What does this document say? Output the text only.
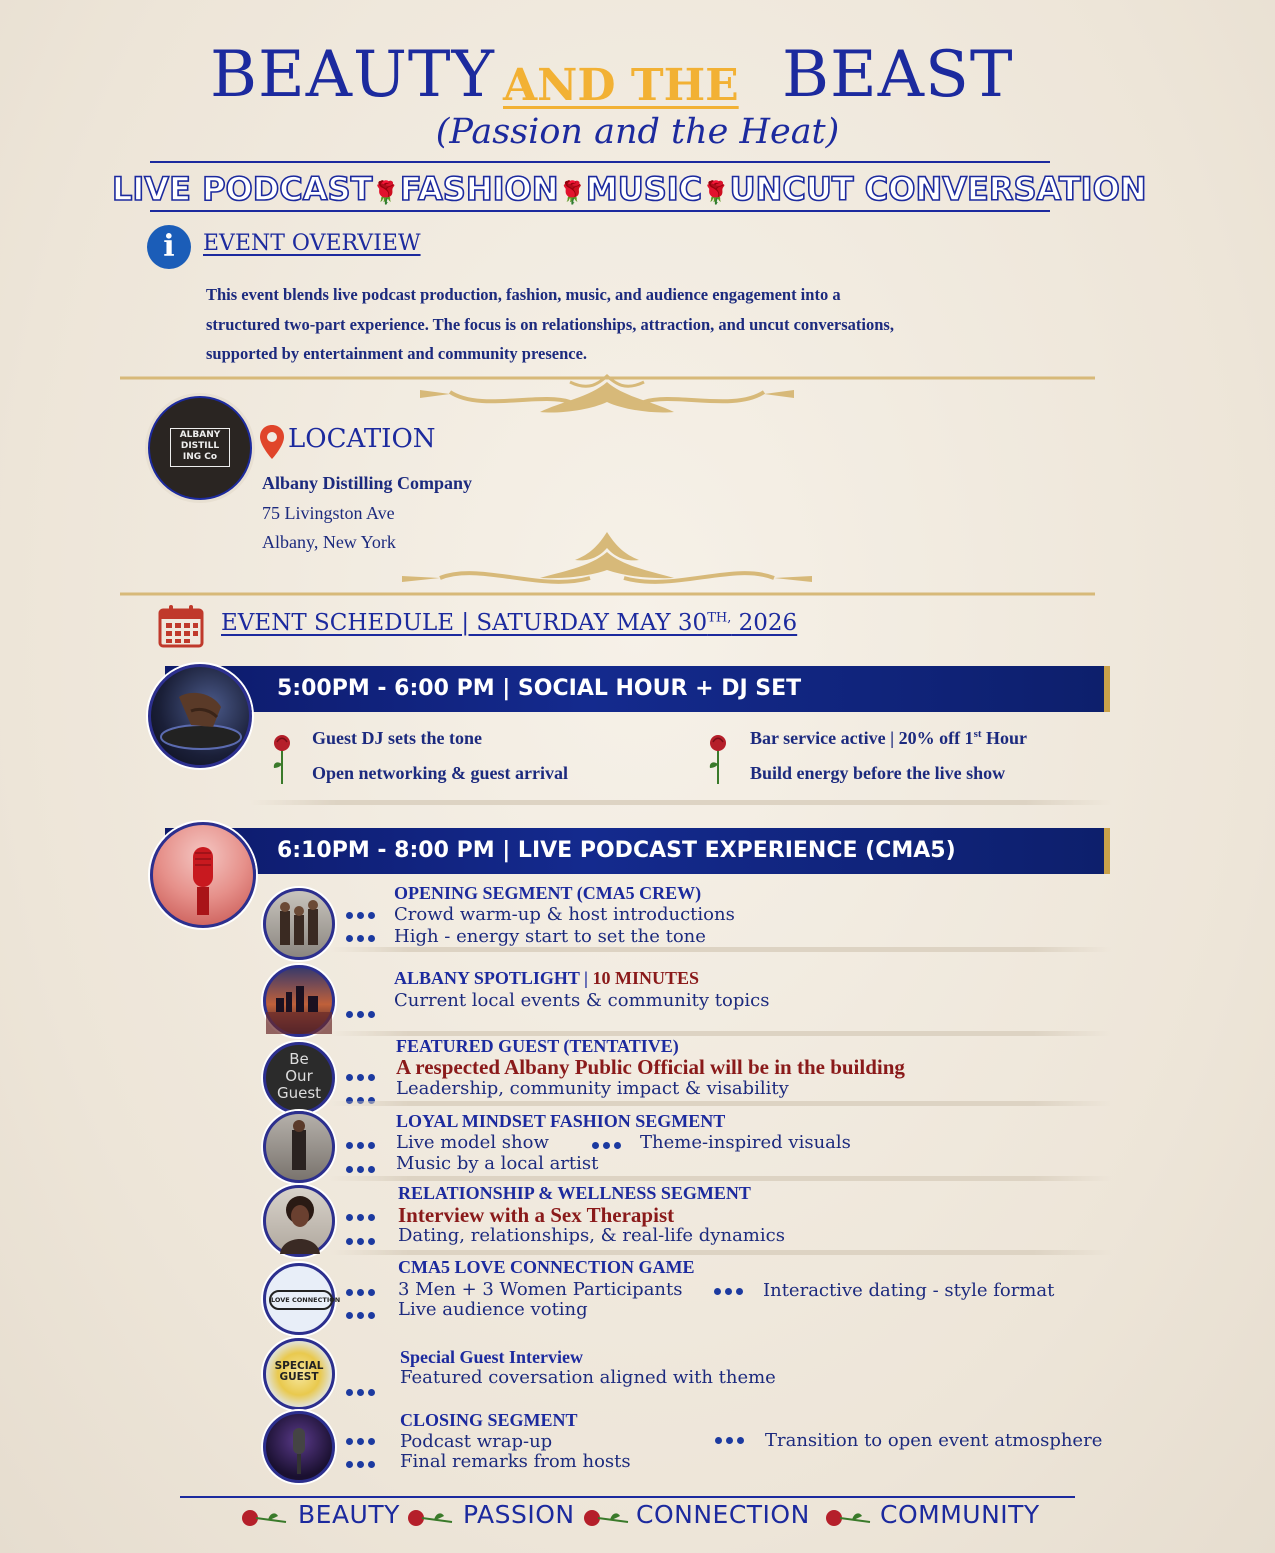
BEAUTY AND THE BEAST
(Passion and the Heat)
LIVE PODCAST🌹FASHION🌹MUSIC🌹UNCUT CONVERSATION
i	EVENT OVERVIEW
This event blends live podcast production, fashion, music, and audience engagement into a
structured two-part experience. The focus is on relationships, attraction, and uncut conversations,
supported by entertainment and community presence.
ALBANY
DISTILL
ING Co
LOCATION
Albany Distilling Company
75 Livingston Ave
Albany, New York
EVENT SCHEDULE | SATURDAY MAY $30^{TH,}$ 2026
5:00PM - 6:00 PM | SOCIAL HOUR + DJ SET
Guest DJ sets the tone
Open networking & guest arrival
Bar service active | 20% off 1st Hour
Build energy before the live show
6:10PM - 8:00 PM | LIVE PODCAST EXPERIENCE (CMA5)
OPENING SEGMENT (CMA5 CREW)
Crowd warm-up & host introductions
High - energy start to set the tone
ALBANY SPOTLIGHT | 10 MINUTES
Current local events & community topics
Be
Our
Guest
FEATURED GUEST (TENTATIVE)
A respected Albany Public Official will be in the building
Leadership, community impact & visability
LOYAL MINDSET FASHION SEGMENT
Live model show	Theme-inspired visuals
Music by a local artist
RELATIONSHIP & WELLNESS SEGMENT
Interview with a Sex Therapist
Dating, relationships, & real-life dynamics
LOVE CONNECTION
CMA5 LOVE CONNECTION GAME
3 Men + 3 Women Participants	Interactive dating - style format
Live audience voting
SPECIAL
GUEST
Special Guest Interview
Featured coversation aligned with theme
CLOSING SEGMENT
Podcast wrap-up	Transition to open event atmosphere
Final remarks from hosts
BEAUTY	PASSION CONNECTION	COMMUNITY
